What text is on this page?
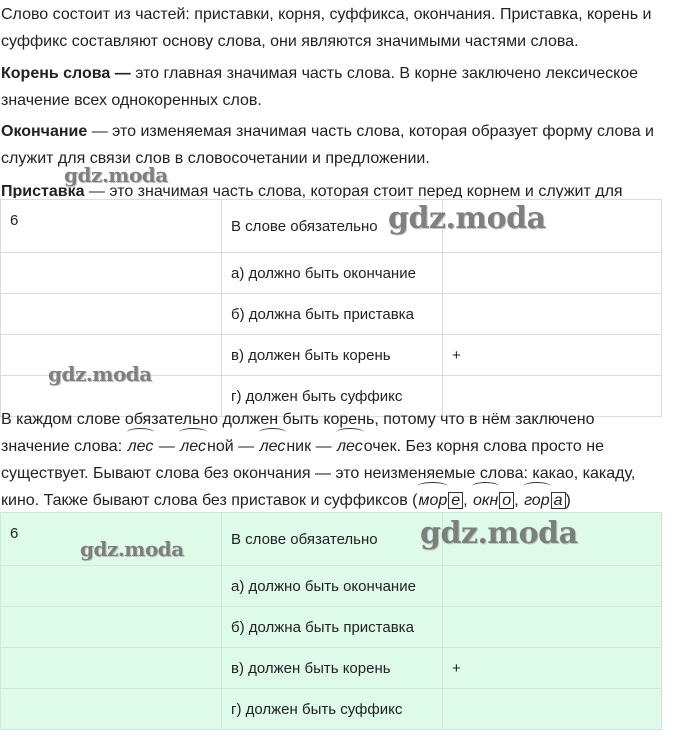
Слово состоит из частей: приставки, корня, суффикса, окончания. Приставка, корень и суффикс составляют основу слова, они являются значимыми частями слова.

Корень слова — это главная значимая часть слова. В корне заключено лексическое значение всех однокоренных слов.

Окончание — это изменяемая значимая часть слова, которая образует форму слова и служит для связи слов в словосочетании и предложении.

Приставка — это значимая часть слова, которая стоит перед корнем и служит для

6	В слове обязательно	
	а) должно быть окончание	
	б) должна быть приставка	
	в) должен быть корень	+
	г) должен быть суффикс	
В каждом слове обязательно должен быть корень, потому что в нём заключено
значение слова: лес — лесной — лесник — лесочек. Без корня слова просто не существует. Бывают слова без окончания — это неизменяемые слова: какао, какаду, кино. Также бывают слова без приставок и суффиксов (мор е , окн о , гор а )
6	В слове обязательно	
	а) должно быть окончание	
	б) должна быть приставка	
	в) должен быть корень	+
	г) должен быть суффикс	
gdz.moda
gdz.moda
gdz.moda
gdz.moda	gdz.moda
